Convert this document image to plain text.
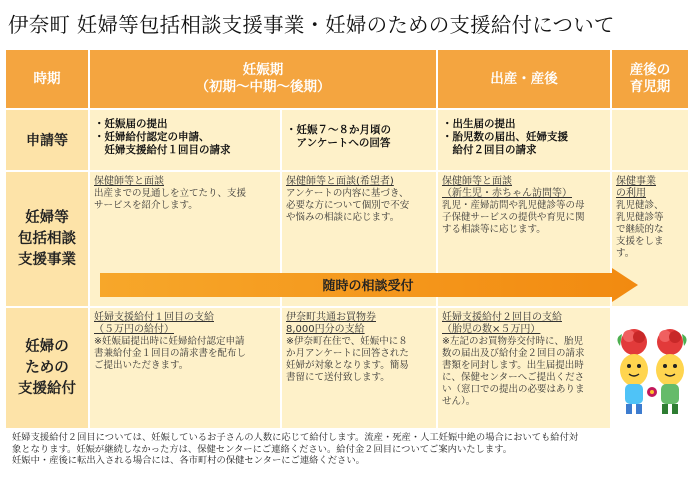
伊奈町 妊婦等包括相談支援事業・妊婦のための支援給付について
時期
妊娠期
（初期～中期～後期）
出産・産後
産後の
育児期
申請等
・妊娠届の提出
・妊婦給付認定の申請、
　妊婦支援給付１回目の請求
・妊娠７～８か月頃の
　アンケートへの回答
・出生届の提出
・胎児数の届出、妊婦支援
　給付２回目の請求
妊婦等
包括相談
支援事業
保健師等と面談
出産までの見通しを立てたり、支援
サービスを紹介します。
保健師等と面談(希望者)
アンケートの内容に基づき、
必要な方について個別で不安
や悩みの相談に応じます。
保健師等と面談
（新生児・赤ちゃん訪問等）
乳児・産婦訪問や乳児健診等の母
子保健サービスの提供や育児に関
する相談等に応じます。
保健事業
の利用
乳児健診、
乳児健診等
で継続的な
支援をしま
す。
随時の相談受付
妊婦の
ための
支援給付
妊婦支援給付１回目の支給
（５万円の給付）
※妊娠届提出時に妊婦給付認定申請
書兼給付金１回目の請求書を配布し
ご提出いただきます。
伊奈町共通お買物券
8,000円分の支給
※伊奈町在住で、妊娠中に８
か月アンケートに回答された
妊婦が対象となります。簡易
書留にて送付致します。
妊婦支援給付２回目の支給
（胎児の数×５万円）
※左記のお買物券交付時に、胎児
数の届出及び給付金２回目の請求
書類を同封します。出生届提出時
に、保健センターへご提出くださ
い（窓口での提出の必要はありま
せん）。
妊婦支援給付２回目については、妊娠しているお子さんの人数に応じて給付します。流産・死産・人工妊娠中絶の場合においても給付対
象となります。妊娠が継続しなかった方は、保健センターにご連絡ください。給付金２回目についてご案内いたします。
妊娠中・産後に転出入される場合には、各市町村の保健センターにご連絡ください。
